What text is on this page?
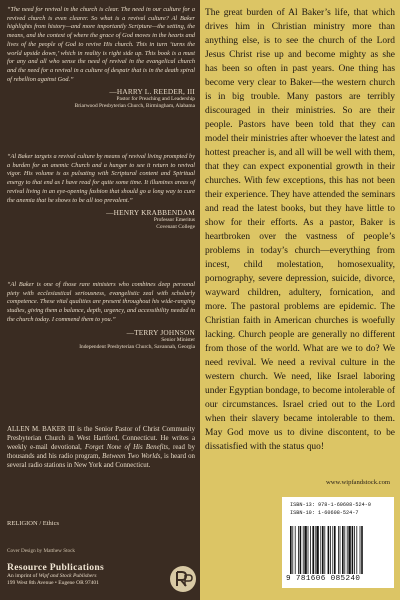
“The need for revival in the church is clear. The need in our culture for a revived church is even clearer. So what is a revival culture? Al Baker highlights from history—and more importantly Scripture—the setting, the means, and the context of where the grace of God moves in the hearts and lives of the people of God to revive His church. This in turn ‘turns the world upside down,’ which in reality is right side up. This book is a must for any and all who sense the need of revival in the evangelical church and the need for a revival in a culture of despair that is in the death spiral of rebellion against God.”

—HARRY L. REEDER, III

Pastor for Preaching and Leadership

Briarwood Presbyterian Church, Birmingham, Alabama

“Al Baker targets a revival culture by means of revival living prompted by a burden for an anemic Church and a hunger to see it return to revival vigor. His volume is as pulsating with Scriptural content and Spiritual energy to that end as I have read for quite some time. It illumines areas of revival living in an eye-opening fashion that should go a long way to cure the anemia that he shows to be all too prevalent.”

—HENRY KRABBENDAM

Professor Emeritus

Covenant College

“Al Baker is one of those rare ministers who combines deep personal piety with ecclesiastical seriousness, evangelistic zeal with scholarly competence. These vital qualities are present throughout his wide-ranging studies, giving them a balance, depth, urgency, and accessibility needed in the church today. I commend them to you.”

—TERRY JOHNSON

Senior Minister

Independent Presbyterian Church, Savannah, Georgia

ALLEN M. BAKER III is the Senior Pastor of Christ Community Presbyterian Church in West Hartford, Connecticut. He writes a weekly e-mail devotional, Forget None of His Benefits, read by thousands and his radio program, Between Two Worlds, is heard on several radio stations in New York and Connecticut.

RELIGION / Ethics

Cover Design by Matthew Stock

Resource Publications

An imprint of Wipf and Stock Publishers

199 West 8th Avenue • Eugene OR 97401

The great burden of Al Baker’s life, that which drives him in Christian ministry more than anything else, is to see the church of the Lord Jesus Christ rise up and become mighty as she has been so often in past years. One thing has become very clear to Baker—the western church is in big trouble. Many pastors are terribly discouraged in their ministries. So are their people. Pastors have been told that they can model their ministries after whoever the latest and hottest preacher is, and all will be well with them, that they can expect exponential growth in their churches. With few exceptions, this has not been their experience. They have attended the seminars and read the latest books, but they have little to show for their efforts. As a pastor, Baker is heartbroken over the vastness of people’s problems in today’s church—everything from incest, child molestation, homosexuality, pornography, severe depression, suicide, divorce, wayward children, adultery, fornication, and more. The pastoral problems are epidemic. The Christian faith in American churches is woefully lacking. Church people are generally no different from those of the world. What are we to do? We need revival. We need a revival culture in the western church. We need, like Israel laboring under Egyptian bondage, to become intolerable of our circumstances. Israel cried out to the Lord when their slavery became intolerable to them. May God move us to divine discontent, to be dissatisfied with the status quo!

www.wipfandstock.com

ISBN-13: 978-1-60608-524-0

ISBN-10: 1-60608-524-7

9 781606 085240
